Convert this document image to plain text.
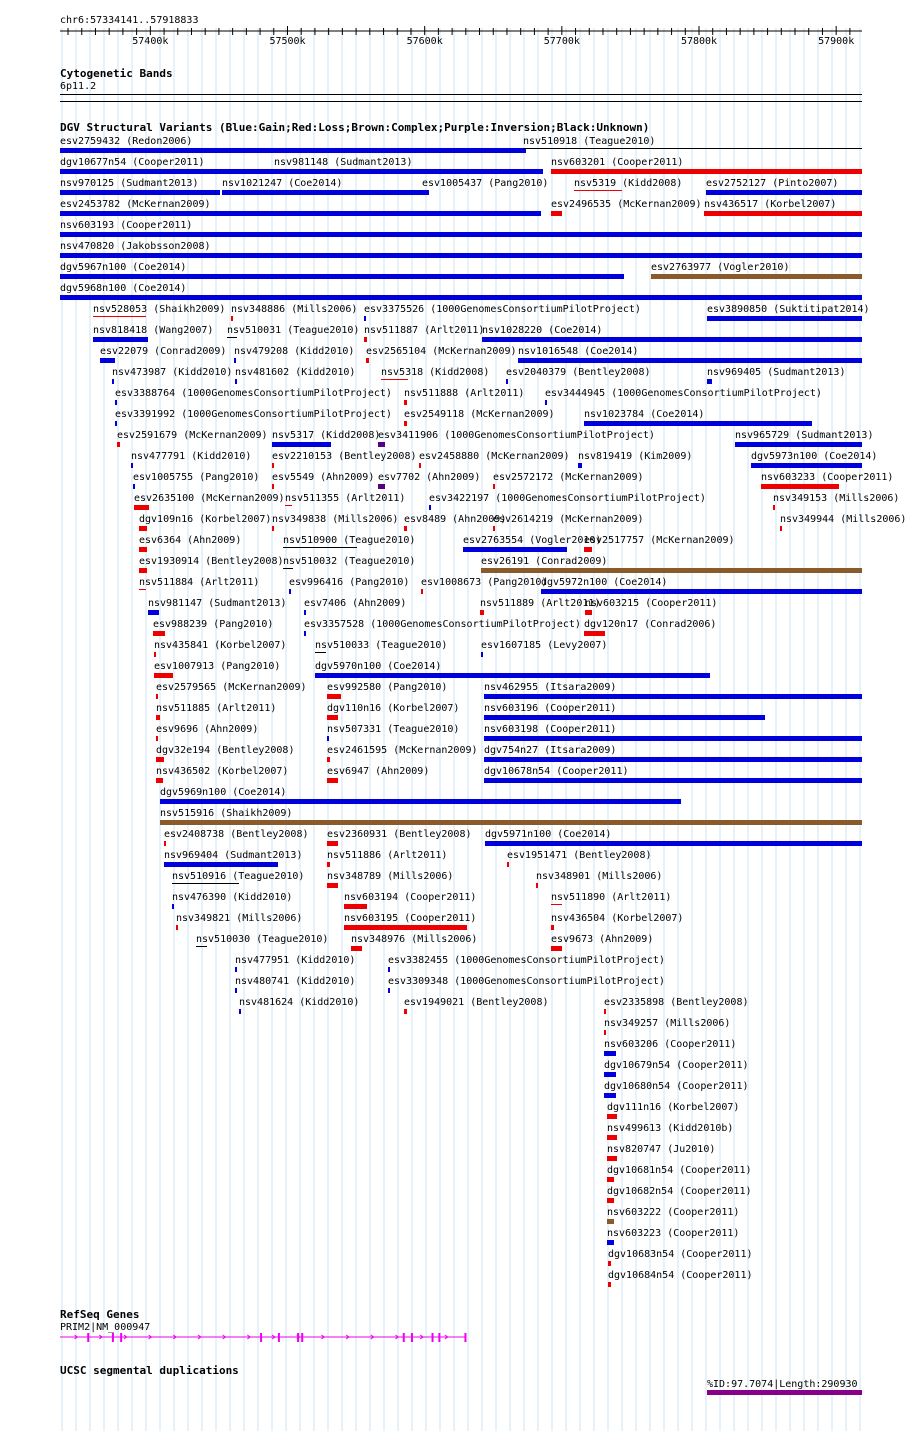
57400k	57500k	57600k	57700k	57800k	57900k
chr6:57334141..57918833
Cytogenetic Bands
6p11.2
DGV Structural Variants (Blue:Gain;Red:Loss;Brown:Complex;Purple:Inversion;Black:Unknown)
esv2759432 (Redon2006)	nsv510918 (Teague2010)
dgv10677n54 (Cooper2011)	nsv981148 (Sudmant2013)	nsv603201 (Cooper2011)
nsv970125 (Sudmant2013) nsv1021247 (Coe2014)	esv1005437 (Pang2010)	nsv5319 (Kidd2008) esv2752127 (Pinto2007)
esv2453782 (McKernan2009)	esv2496535 (McKernan2009) nsv436517 (Korbel2007)
nsv603193 (Cooper2011)
nsv470820 (Jakobsson2008)
dgv5967n100 (Coe2014)	esv2763977 (Vogler2010)
dgv5968n100 (Coe2014)
nsv528053 (Shaikh2009) nsv348886 (Mills2006) esv3375526 (1000GenomesConsortiumPilotProject)	esv3890850 (Suktitipat2014)
nsv818418 (Wang2007) nsv510031 (Teague2010) nsv511887 (Arlt2011)
nsv1028220 (Coe2014)
esv22079 (Conrad2009) nsv479208 (Kidd2010) esv2565104 (McKernan2009) nsv1016548 (Coe2014)
nsv473987 (Kidd2010) nsv481602 (Kidd2010)	nsv5318 (Kidd2008) esv2040379 (Bentley2008)	nsv969405 (Sudmant2013)
esv3388764 (1000GenomesConsortiumPilotProject) nsv511888 (Arlt2011) esv3444945 (1000GenomesConsortiumPilotProject)
esv3391992 (1000GenomesConsortiumPilotProject) esv2549118 (McKernan2009)	nsv1023784 (Coe2014)
esv2591679 (McKernan2009) nsv5317 (Kidd2008)
esv3411906 (1000GenomesConsortiumPilotProject)	nsv965729 (Sudmant2013)
nsv477791 (Kidd2010) esv2210153 (Bentley2008) esv2458880 (McKernan2009) nsv819419 (Kim2009)	dgv5973n100 (Coe2014)
esv1005755 (Pang2010) esv5549 (Ahn2009) esv7702 (Ahn2009) esv2572172 (McKernan2009)	nsv603233 (Cooper2011)
esv2635100 (McKernan2009) nsv511355 (Arlt2011) esv3422197 (1000GenomesConsortiumPilotProject)	nsv349153 (Mills2006)
dgv109n16 (Korbel2007) nsv349838 (Mills2006) esv8489 (Ahn2009)
esv2614219 (McKernan2009)	nsv349944 (Mills2006)
esv6364 (Ahn2009)	nsv510900 (Teague2010)	esv2763554 (Vogler2010)
esv2517757 (McKernan2009)
esv1930914 (Bentley2008) nsv510032 (Teague2010)	esv26191 (Conrad2009)
nsv511884 (Arlt2011)	esv996416 (Pang2010) esv1008673 (Pang2010)
dgv5972n100 (Coe2014)
nsv981147 (Sudmant2013) esv7406 (Ahn2009)	nsv511889 (Arlt2011)
nsv603215 (Cooper2011)
esv988239 (Pang2010)	esv3357528 (1000GenomesConsortiumPilotProject) dgv120n17 (Conrad2006)
nsv435841 (Korbel2007)	nsv510033 (Teague2010)	esv1607185 (Levy2007)
esv1007913 (Pang2010)	dgv5970n100 (Coe2014)
esv2579565 (McKernan2009) esv992580 (Pang2010)	nsv462955 (Itsara2009)
nsv511885 (Arlt2011)	dgv110n16 (Korbel2007) nsv603196 (Cooper2011)
esv9696 (Ahn2009)	nsv507331 (Teague2010) nsv603198 (Cooper2011)
dgv32e194 (Bentley2008)	esv2461595 (McKernan2009) dgv754n27 (Itsara2009)
nsv436502 (Korbel2007)	esv6947 (Ahn2009)	dgv10678n54 (Cooper2011)
dgv5969n100 (Coe2014)
nsv515916 (Shaikh2009)
esv2408738 (Bentley2008) esv2360931 (Bentley2008) dgv5971n100 (Coe2014)
nsv969404 (Sudmant2013) nsv511886 (Arlt2011)	esv1951471 (Bentley2008)
nsv510916 (Teague2010) nsv348789 (Mills2006)	nsv348901 (Mills2006)
nsv476390 (Kidd2010)	nsv603194 (Cooper2011)	nsv511890 (Arlt2011)
nsv349821 (Mills2006)	nsv603195 (Cooper2011)	nsv436504 (Korbel2007)
nsv510030 (Teague2010) nsv348976 (Mills2006)	esv9673 (Ahn2009)
nsv477951 (Kidd2010)	esv3382455 (1000GenomesConsortiumPilotProject)
nsv480741 (Kidd2010)	esv3309348 (1000GenomesConsortiumPilotProject)
nsv481624 (Kidd2010)	esv1949021 (Bentley2008)	esv2335898 (Bentley2008)
nsv349257 (Mills2006)
nsv603206 (Cooper2011)
dgv10679n54 (Cooper2011)
dgv10680n54 (Cooper2011)
dgv111n16 (Korbel2007)
nsv499613 (Kidd2010b)
nsv820747 (Ju2010)
dgv10681n54 (Cooper2011)
dgv10682n54 (Cooper2011)
nsv603222 (Cooper2011)
nsv603223 (Cooper2011)
dgv10683n54 (Cooper2011)
dgv10684n54 (Cooper2011)
RefSeq Genes
PRIM2|NM_000947
UCSC segmental duplications
%ID:97.7074|Length:290930
